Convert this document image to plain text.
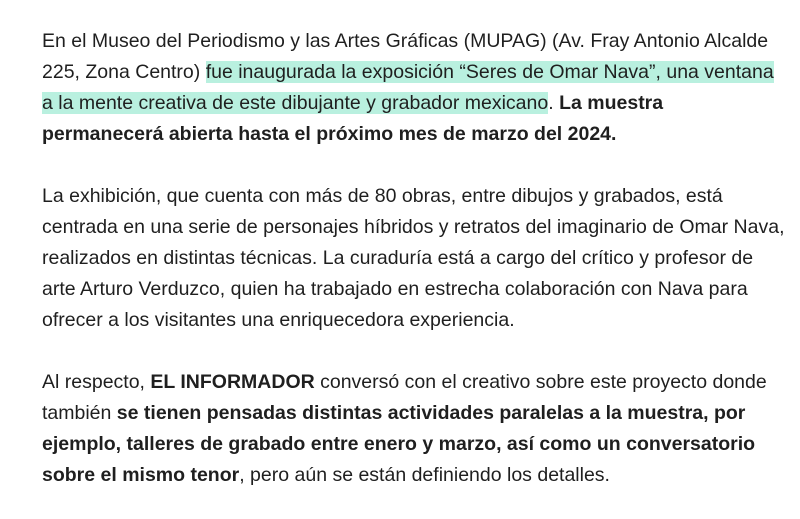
En el Museo del Periodismo y las Artes Gráficas (MUPAG) (Av. Fray Antonio Alcalde 225, Zona Centro) fue inaugurada la exposición “Seres de Omar Nava”, una ventana a la mente creativa de este dibujante y grabador mexicano. La muestra permanecerá abierta hasta el próximo mes de marzo del 2024.

La exhibición, que cuenta con más de 80 obras, entre dibujos y grabados, está centrada en una serie de personajes híbridos y retratos del imaginario de Omar Nava, realizados en distintas técnicas. La curaduría está a cargo del crítico y profesor de arte Arturo Verduzco, quien ha trabajado en estrecha colaboración con Nava para ofrecer a los visitantes una enriquecedora experiencia.

Al respecto, EL INFORMADOR conversó con el creativo sobre este proyecto donde también se tienen pensadas distintas actividades paralelas a la muestra, por ejemplo, talleres de grabado entre enero y marzo, así como un conversatorio sobre el mismo tenor, pero aún se están definiendo los detalles.
